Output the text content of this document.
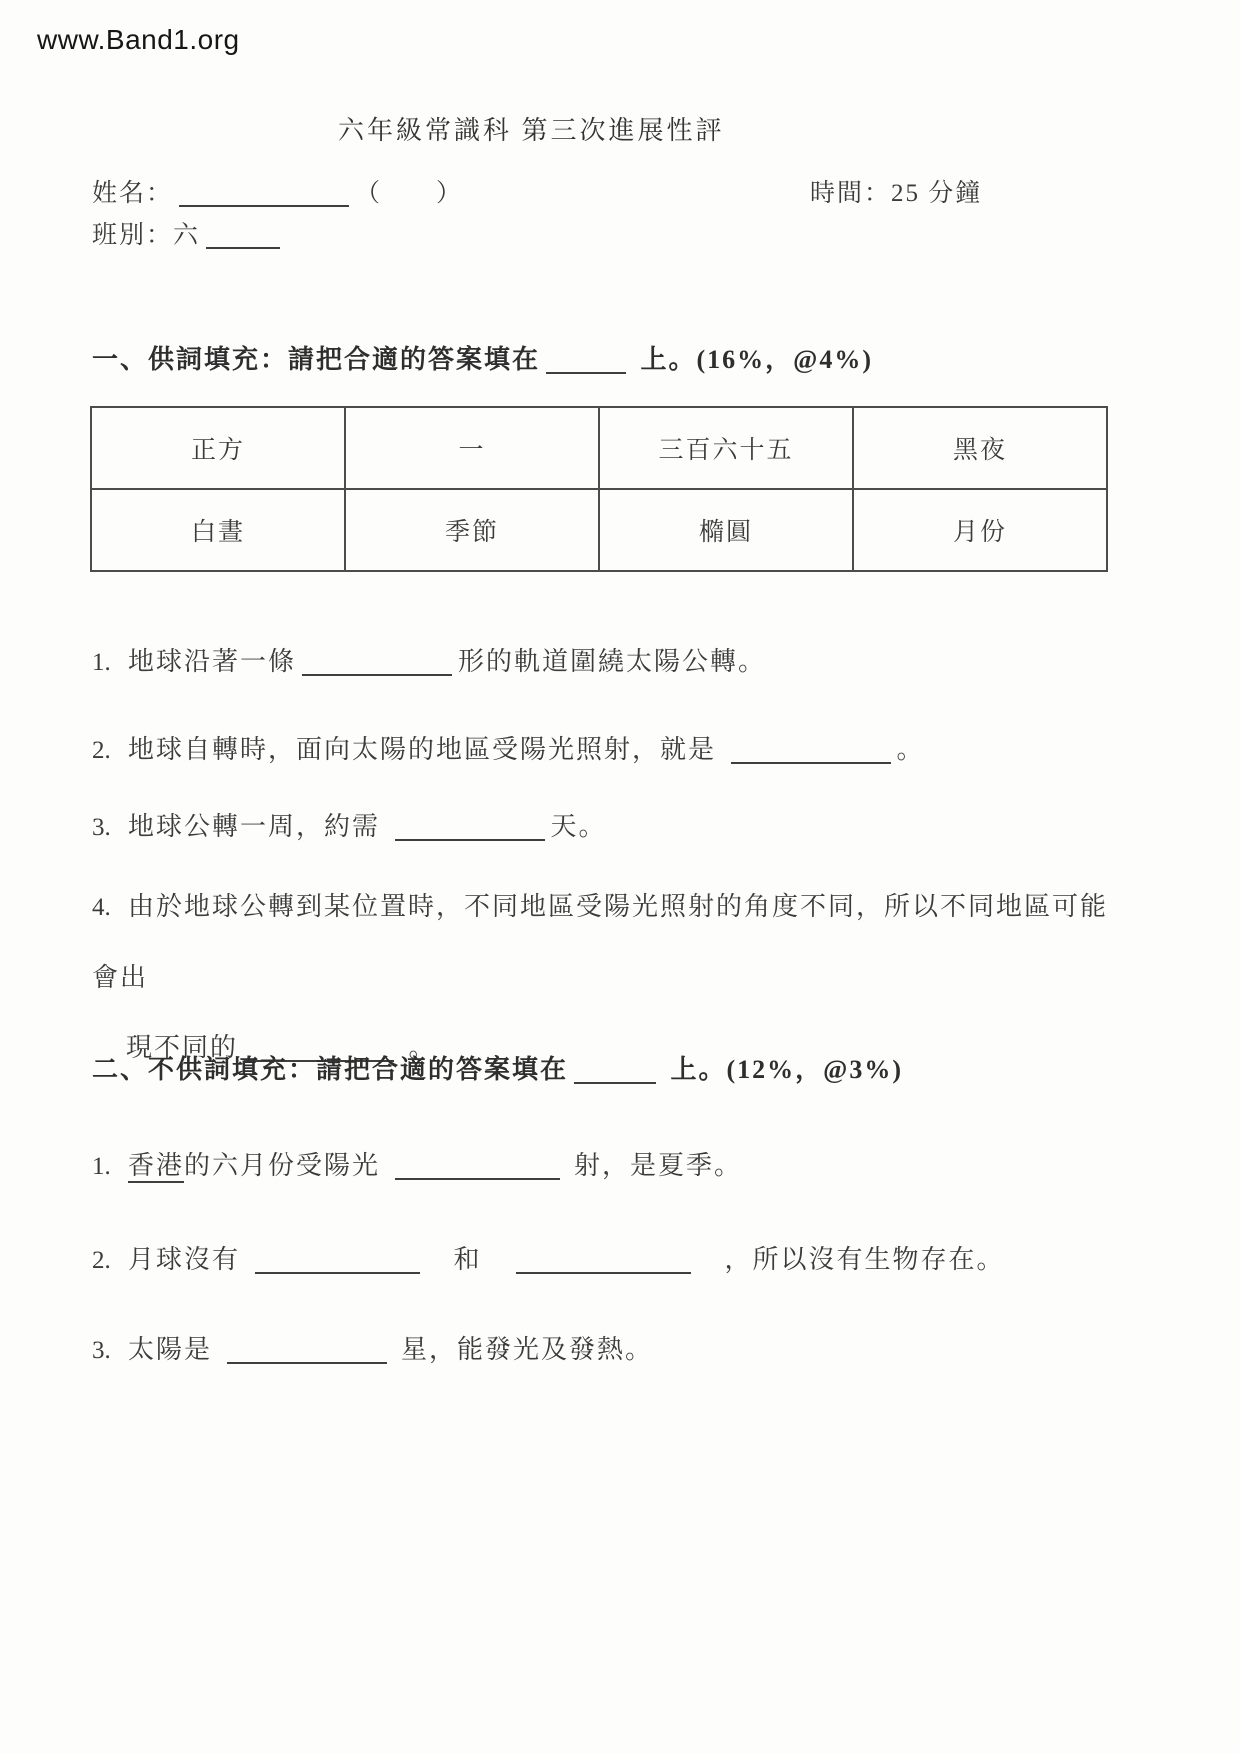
www.Band1.org
六年級常識科 第三次進展性評
姓名：	（　　）	時間：25 分鐘
班別：六
一、供詞填充：請把合適的答案填在	上。(16%，@4%)
正方	一	三百六十五	黑夜
白晝	季節	橢圓	月份
1. 地球沿著一條	形的軌道圍繞太陽公轉。
2. 地球自轉時，面向太陽的地區受陽光照射，就是	。
3. 地球公轉一周，約需	天。
4. 由於地球公轉到某位置時，不同地區受陽光照射的角度不同，所以不同地區可能會出
現不同的	。
二、不供詞填充：請把合適的答案填在	上。(12%，@3%)
1. 香港的六月份受陽光	射，是夏季。
2. 月球沒有	　和　	　，所以沒有生物存在。
3. 太陽是	星，能發光及發熱。
